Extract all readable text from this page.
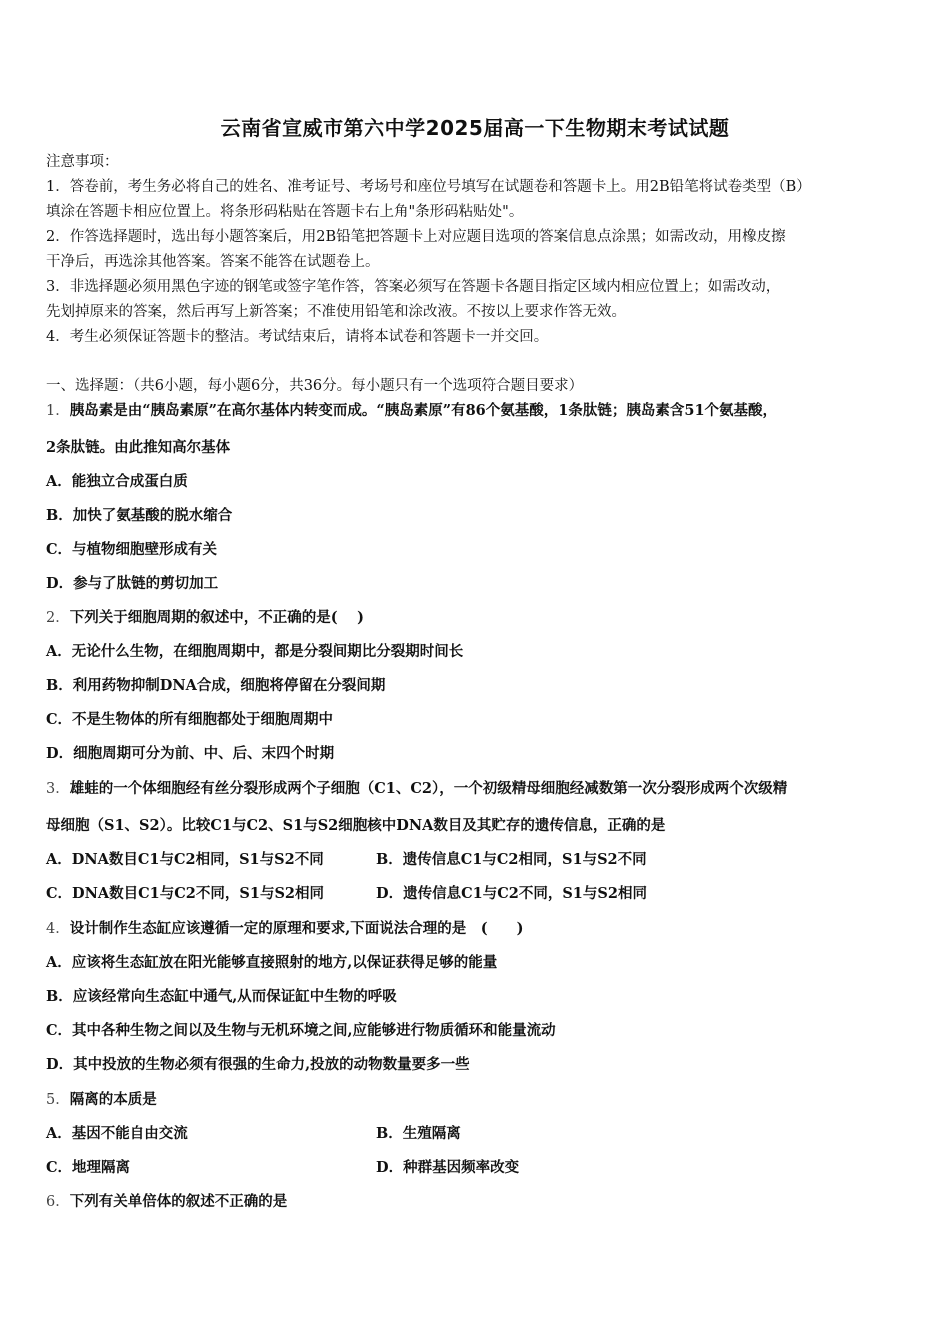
云南省宣威市第六中学2025届高一下生物期末考试试题
注意事项：
1．答卷前，考生务必将自己的姓名、准考证号、考场号和座位号填写在试题卷和答题卡上。用2B铅笔将试卷类型（B）
填涂在答题卡相应位置上。将条形码粘贴在答题卡右上角"条形码粘贴处"。
2．作答选择题时，选出每小题答案后，用2B铅笔把答题卡上对应题目选项的答案信息点涂黑；如需改动，用橡皮擦
干净后，再选涂其他答案。答案不能答在试题卷上。
3．非选择题必须用黑色字迹的钢笔或签字笔作答，答案必须写在答题卡各题目指定区域内相应位置上；如需改动，
先划掉原来的答案，然后再写上新答案；不准使用铅笔和涂改液。不按以上要求作答无效。
4．考生必须保证答题卡的整洁。考试结束后，请将本试卷和答题卡一并交回。
一、选择题：（共6小题，每小题6分，共36分。每小题只有一个选项符合题目要求）
1．胰岛素是由“胰岛素原”在高尔基体内转变而成。“胰岛素原”有86个氨基酸，1条肽链；胰岛素含51个氨基酸，
2条肽链。由此推知高尔基体
A．能独立合成蛋白质
B．加快了氨基酸的脱水缩合
C．与植物细胞壁形成有关
D．参与了肽链的剪切加工
2．下列关于细胞周期的叙述中，不正确的是(　 )
A．无论什么生物，在细胞周期中，都是分裂间期比分裂期时间长
B．利用药物抑制DNA合成，细胞将停留在分裂间期
C．不是生物体的所有细胞都处于细胞周期中
D．细胞周期可分为前、中、后、末四个时期
3．雄蛙的一个体细胞经有丝分裂形成两个子细胞（C1、C2），一个初级精母细胞经减数第一次分裂形成两个次级精
母细胞（S1、S2）。比较C1与C2、S1与S2细胞核中DNA数目及其贮存的遗传信息，正确的是
A．DNA数目C1与C2相同，S1与S2不同	B．遗传信息C1与C2相同，S1与S2不同
C．DNA数目C1与C2不同，S1与S2相同	D．遗传信息C1与C2不同，S1与S2相同
4．设计制作生态缸应该遵循一定的原理和要求,下面说法合理的是　(　　)
A．应该将生态缸放在阳光能够直接照射的地方,以保证获得足够的能量
B．应该经常向生态缸中通气,从而保证缸中生物的呼吸
C．其中各种生物之间以及生物与无机环境之间,应能够进行物质循环和能量流动
D．其中投放的生物必须有很强的生命力,投放的动物数量要多一些
5．隔离的本质是
A．基因不能自由交流	B．生殖隔离
C．地理隔离	D．种群基因频率改变
6．下列有关单倍体的叙述不正确的是
